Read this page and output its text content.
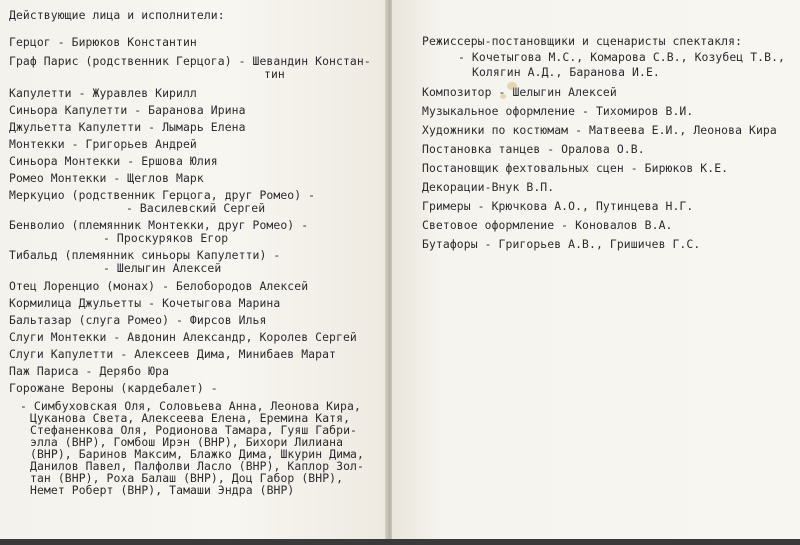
Действующие лица и исполнители:
Герцог - Бирюков Константин
Граф Парис (родственник Герцога) - Шевандин Констан-
тин
Капулетти - Журавлев Кирилл
Синьора Капулетти - Баранова Ирина
Джульетта Капулетти - Лымарь Елена
Монтекки - Григорьев Андрей
Синьора Монтекки - Ершова Юлия
Ромео Монтекки - Щеглов Марк
Меркуцио (родственник Герцога, друг Ромео) -
- Василевский Сергей
Бенволио (племянник Монтекки, друг Ромео) -
- Проскуряков Егор
Тибальд (племянник синьоры Капулетти) -
- Шелыгин Алексей
Отец Лоренцио (монах) - Белобородов Алексей
Кормилица Джульетты - Кочетыгова Марина
Бальтазар (слуга Ромео) - Фирсов Илья
Слуги Монтекки - Авдонин Александр, Королев Сергей
Слуги Капулетти - Алексеев Дима, Минибаев Марат
Паж Париса - Дерябо Юра
Горожане Вероны (кардебалет) -
- Симбуховская Оля, Соловьева Анна, Леонова Кира,
Цуканова Света, Алексеева Елена, Еремина Катя,
Стефаненкова Оля, Родионова Тамара, Гуяш Габри-
элла (ВНР), Гомбош Ирэн (ВНР), Бихори Лилиана
(ВНР), Баринов Максим, Блажко Дима, Шкурин Дима,
Данилов Павел, Палфолви Ласло (ВНР), Каплор Зол-
тан (ВНР), Роха Балаш (ВНР), Доц Габор (ВНР),
Немет Роберт (ВНР), Тамаши Эндра (ВНР)
Режиссеры-постановщики и сценаристы спектакля:
- Кочетыгова М.С., Комарова С.В., Козубец Т.В.,
Колягин А.Д., Баранова И.Е.
Композитор - Шелыгин Алексей
Музыкальное оформление - Тихомиров В.И.
Художники по костюмам - Матвеева Е.И., Леонова Кира
Постановка танцев - Оралова О.В.
Постановщик фехтовальных сцен - Бирюков К.Е.
Декорации-Внук В.П.
Гримеры - Крючкова А.О., Путинцева Н.Г.
Световое оформление - Коновалов В.А.
Бутафоры - Григорьев А.В., Гришичев Г.С.
